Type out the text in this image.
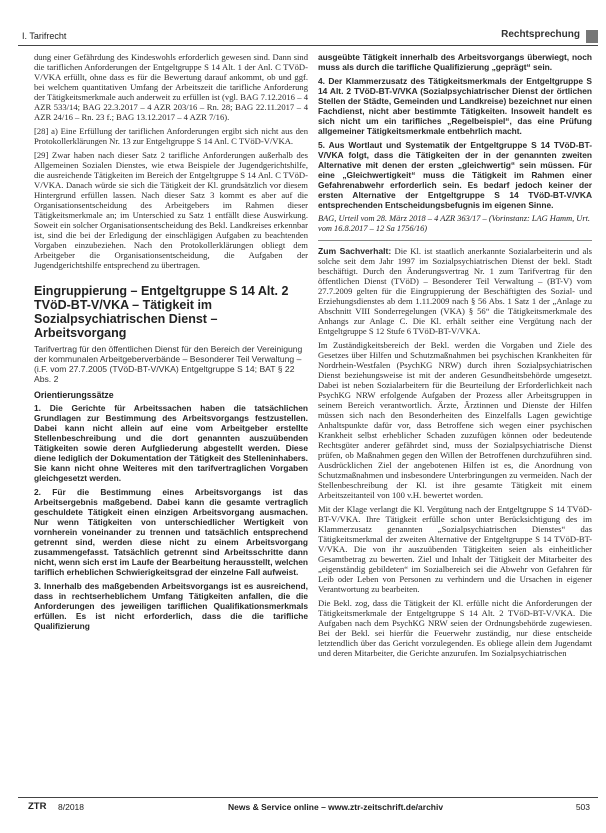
I. Tarifrecht	Rechtsprechung

dung einer Gefährdung des Kindeswohls erforderlich gewesen sind. Dann sind die tariflichen Anforderungen der Entgeltgruppe S 14 Alt. 1 der Anl. C TVöD-V/VKA erfüllt, ohne dass es für die Bewertung darauf ankommt, ob und ggf. bei welchem quantitativen Umfang der Arbeitszeit die tarifliche Anforderung der Tätigkeitsmerkmale auch anderweit zu erfüllen ist (vgl. BAG 7.12.2016 – 4 AZR 533/14; BAG 22.3.2017 – 4 AZR 203/16 – Rn. 28; BAG 22.11.2017 – 4 AZR 24/16 – Rn. 23 f.; BAG 13.12.2017 – 4 AZR 7/16).

[28] a) Eine Erfüllung der tariflichen Anforderungen ergibt sich nicht aus den Protokollerklärungen Nr. 13 zur Entgeltgruppe S 14 Anl. C TVöD-V/VKA.

[29] Zwar haben nach dieser Satz 2 tarifliche Anforderungen außerhalb des Allgemeinen Sozialen Dienstes, wie etwa Beispiele der Jugendgerichtshilfe, die ausreichende Tätigkeiten im Bereich der Entgeltgruppe S 14 Anl. C TVöD-V/VKA. Danach würde sie sich die Tätigkeit der Kl. grundsätzlich vor diesem Hintergrund erfüllen lassen. Nach dieser Satz 3 kommt es aber auf die Organisationsentscheidung des Arbeitgebers im Rahmen dieser Tätigkeitsmerkmale an; im Unterschied zu Satz 1 entfällt diese Auswirkung. Soweit ein solcher Organisationsentscheidung des Bekl. Landkreises erkennbar ist, sind die bei der Erledigung der einschlägigen Aufgaben zu beachtenden Vorgaben einzubeziehen. Nach den Protokollerklärungen obliegt dem Arbeitgeber die Organisationsentscheidung, die Aufgaben der Jugendgerichtshilfe entsprechend zu übertragen.

Eingruppierung – Entgeltgruppe S 14 Alt. 2 TVöD-BT-V/VKA – Tätigkeit im Sozialpsychiatrischen Dienst – Arbeitsvorgang

Tarifvertrag für den öffentlichen Dienst für den Bereich der Vereinigung der kommunalen Arbeitgeberverbände – Besonderer Teil Verwaltung – (i.F. vom 27.7.2005 (TVöD-BT-V/VKA) Entgeltgruppe S 14; BAT § 22 Abs. 2

Orientierungssätze

1. Die Gerichte für Arbeitssachen haben die tatsächlichen Grundlagen zur Bestimmung des Arbeitsvorgangs festzustellen. Dabei kann nicht allein auf eine vom Arbeitgeber erstellte Stellenbeschreibung und die dort genannten auszuübenden Tätigkeiten sowie deren Aufgliederung abgestellt werden. Diese diene lediglich der Dokumentation der Tätigkeit des Stelleninhabers. Sie kann nicht ohne Weiteres mit den tarifvertraglichen Vorgaben gleichgesetzt werden.

2. Für die Bestimmung eines Arbeitsvorgangs ist das Arbeitsergebnis maßgebend. Dabei kann die gesamte vertraglich geschuldete Tätigkeit einen einzigen Arbeitsvorgang ausmachen. Nur wenn Tätigkeiten von unterschiedlicher Wertigkeit von vornherein voneinander zu trennen und tatsächlich entsprechend getrennt sind, werden diese nicht zu einem Arbeitsvorgang zusammengefasst. Tatsächlich getrennt sind Arbeitsschritte dann nicht, wenn sich erst im Laufe der Bearbeitung herausstellt, welchen tariflich erheblichen Schwierigkeitsgrad der einzelne Fall aufweist.

3. Innerhalb des maßgebenden Arbeitsvorgangs ist es ausreichend, dass in rechtserheblichem Umfang Tätigkeiten anfallen, die die Anforderungen des jeweiligen tariflichen Qualifikationsmerkmals erfüllen. Es ist nicht erforderlich, dass die die tarifliche Qualifizierung

ausgeübte Tätigkeit innerhalb des Arbeitsvorgangs überwiegt, noch muss als durch die tarifliche Qualifizierung „geprägt“ sein.

4. Der Klammerzusatz des Tätigkeitsmerkmals der Entgeltgruppe S 14 Alt. 2 TVöD-BT-V/VKA (Sozialpsychiatrischer Dienst der örtlichen Stellen der Städte, Gemeinden und Landkreise) bezeichnet nur einen Fachdienst, nicht aber bestimmte Tätigkeiten. Insoweit handelt es sich nicht um ein tarifliches „Regelbeispiel“, das eine Prüfung allgemeiner Tätigkeitsmerkmale entbehrlich macht.

5. Aus Wortlaut und Systematik der Entgeltgruppe S 14 TVöD-BT-V/VKA folgt, dass die Tätigkeiten der in der genannten zweiten Alternative mit denen der ersten „gleichwertig“ sein müssen. Für eine „Gleichwertigkeit“ muss die Tätigkeit im Rahmen einer Gefahrenabwehr erforderlich sein. Es bedarf jedoch keiner der ersten Alternative der Entgeltgruppe S 14 TVöD-BT-V/VKA entsprechenden Entscheidungsbefugnis im eigenen Sinne.

BAG, Urteil vom 28. März 2018 – 4 AZR 363/17 – (Vorinstanz: LAG Hamm, Urt. vom 16.8.2017 – 12 Sa 1756/16)

Zum Sachverhalt: Die Kl. ist staatlich anerkannte Sozialarbeiterin und als solche seit dem Jahr 1997 im Sozialpsychiatrischen Dienst der bekl. Stadt beschäftigt. Durch den Änderungsvertrag Nr. 1 zum Tarifvertrag für den öffentlichen Dienst (TVöD) – Besonderer Teil Verwaltung – (BT-V) vom 27.7.2009 gelten für die Eingruppierung der Beschäftigten des Sozial- und Erziehungsdienstes ab dem 1.11.2009 nach § 56 Abs. 1 Satz 1 der „Anlage zu Abschnitt VIII Sonderregelungen (VKA) § 56“ die Tätigkeitsmerkmale des Anhangs zur Anlage C. Die Kl. erhält seither eine Vergütung nach der Entgeltgruppe S 12 Stufe 6 TVöD-BT-V/VKA.

Im Zuständigkeitsbereich der Bekl. werden die Vorgaben und Ziele des Gesetzes über Hilfen und Schutzmaßnahmen bei psychischen Krankheiten für Nordrhein-Westfalen (PsychKG NRW) durch ihren Sozialpsychiatrischen Dienst beziehungsweise ist mit der anderen Gesundheitsbehörde umgesetzt. Dabei ist neben Sozialarbeitern für die Beurteilung der Erforderlichkeit nach PsychKG NRW erfolgende Aufgaben der Prozess aller Arbeitsgruppen in seinem Bereich verantwortlich. Ärzte, Ärztinnen und Dienste der Hilfen müssen sich nach den Besonderheiten des Einzelfalls Lagen gewichtige Anhaltspunkte dafür vor, dass Betroffene sich wegen einer psychischen Krankheit selbst erheblicher Schaden zuzufügen können oder bedeutende Rechtsgüter anderer gefährdet sind, muss der Sozialpsychiatrische Dienst prüfen, ob Maßnahmen gegen den Willen der Betroffenen durchzuführen sind. Ausdrücklichen Ziel der angebotenen Hilfen ist es, die Anordnung von Schutzmaßnahmen und insbesondere Unterbringungen zu vermeiden. Nach der Stellenbeschreibung der Kl. ist ihre gesamte Tätigkeit mit einem Arbeitszeitanteil von 100 v.H. bewertet worden.

Mit der Klage verlangt die Kl. Vergütung nach der Entgeltgruppe S 14 TVöD-BT-V/VKA. Ihre Tätigkeit erfülle schon unter Berücksichtigung des im Klammerzusatz genannten „Sozialpsychiatrischen Dienstes“ das Tätigkeitsmerkmal der zweiten Alternative der Entgeltgruppe S 14 TVöD-BT-V/VKA. Die von ihr auszuübenden Tätigkeiten seien als einheitlicher Gesamtbetrag zu bewerten. Ziel und Inhalt der Tätigkeit der Mitarbeiter des „eigenständig gebildeten“ im Sozialbereich sei die Abwehr von Gefahren für Leib oder Leben von Personen zu verhindern und die Ursachen in eigener Verantwortung zu bearbeiten.

Die Bekl. zog, dass die Tätigkeit der Kl. erfülle nicht die Anforderungen der Tätigkeitsmerkmale der Entgeltgruppe S 14 Alt. 2 TVöD-BT-V/VKA. Die Aufgaben nach dem PsychKG NRW seien der Ordnungsbehörde zugewiesen. Bei der Bekl. sei hierfür die Feuerwehr zuständig, nur diese entscheide letztendlich über das Gericht vorzulegenden. Es obliege allein dem Jugendamt und deren Mitarbeiter, die Gerichte anzurufen. Im Sozialpsychiatrischen

ZTR 8/2018	News & Service online – www.ztr-zeitschrift.de/archiv	503
